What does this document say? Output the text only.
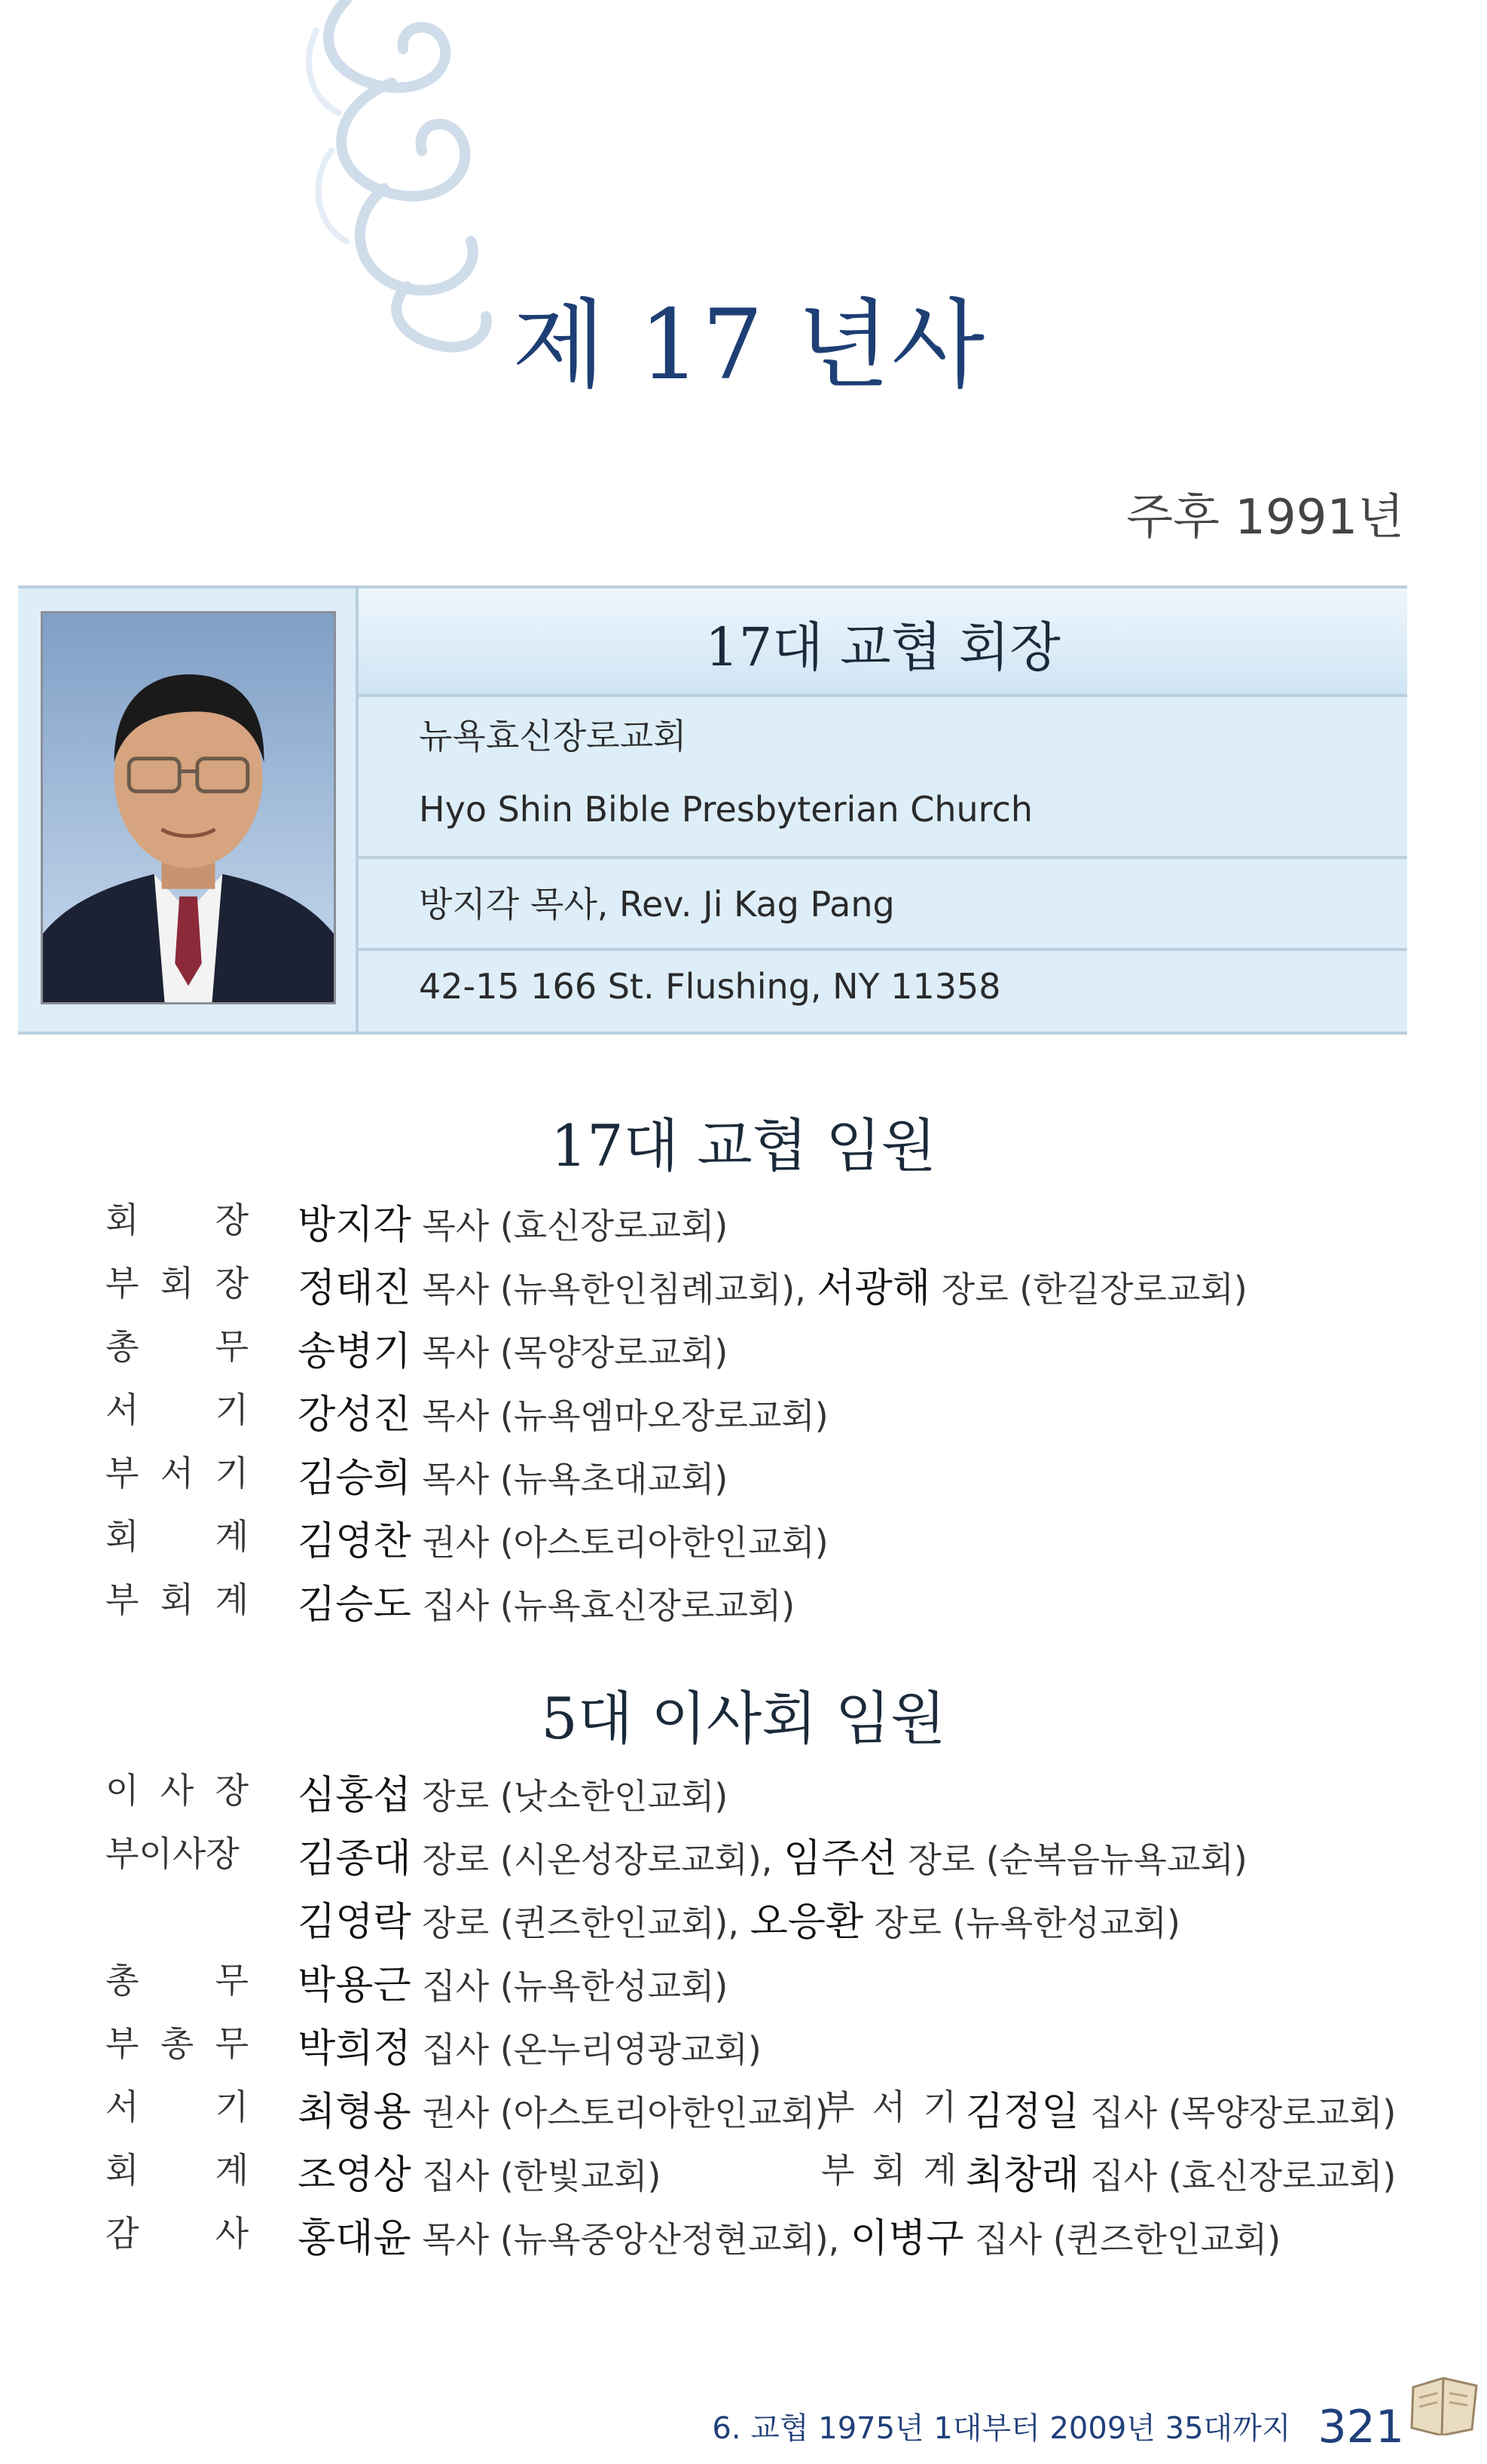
제 17 년사
주후 1991년
17대 교협 회장
뉴욕효신장로교회
Hyo Shin Bible Presbyterian Church
방지각 목사, Rev. Ji Kag Pang
42-15 166 St. Flushing, NY 11358
17대 교협 임원
회 장 방지각 목사 (효신장로교회)
부 회 장 정태진 목사 (뉴욕한인침례교회), 서광해 장로 (한길장로교회)
총 무 송병기 목사 (목양장로교회)
서 기 강성진 목사 (뉴욕엠마오장로교회)
부 서 기 김승희 목사 (뉴욕초대교회)
회 계 김영찬 권사 (아스토리아한인교회)
부 회 계 김승도 집사 (뉴욕효신장로교회)
5대 이사회 임원
이 사 장 심홍섭 장로 (낫소한인교회)
부이사장 김종대 장로 (시온성장로교회), 임주선 장로 (순복음뉴욕교회)
김영락 장로 (퀸즈한인교회), 오응환 장로 (뉴욕한성교회)
총 무 박용근 집사 (뉴욕한성교회)
부 총 무 박희정 집사 (온누리영광교회)
서 기 최형용 권사 (아스토리아한인교회)
부 서 기 김정일 집사 (목양장로교회)
회 계 조영상 집사 (한빛교회)	부 회 계 최창래 집사 (효신장로교회)
감 사 홍대윤 목사 (뉴욕중앙산정현교회), 이병구 집사 (퀸즈한인교회)
6. 교협 1975년 1대부터 2009년 35대까지 321
